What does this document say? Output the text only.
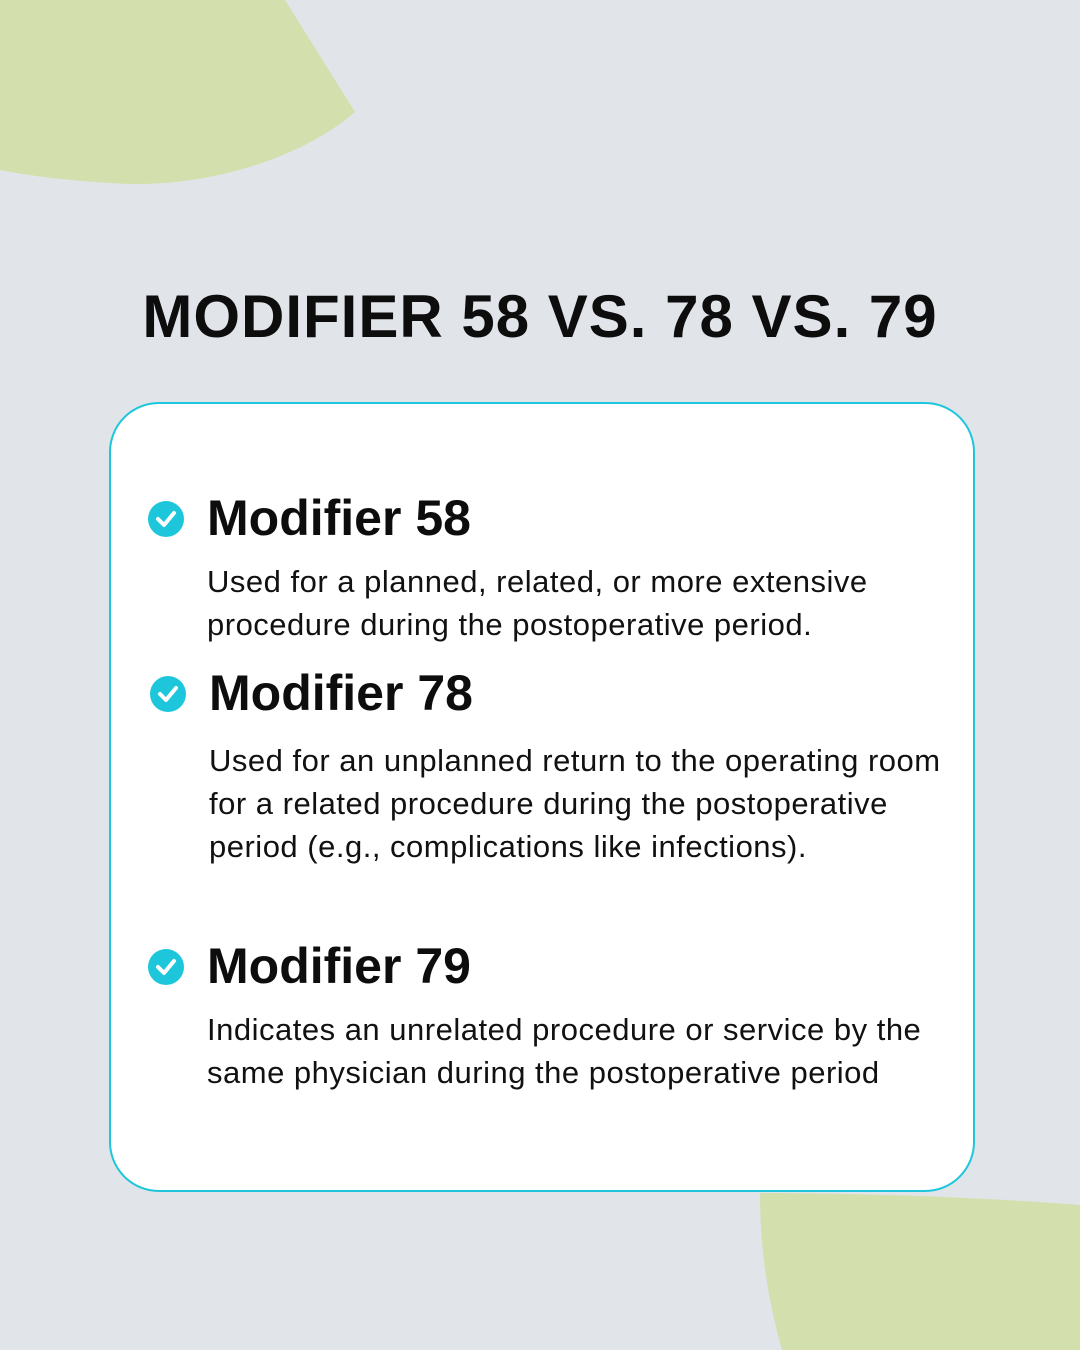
MODIFIER 58 VS. 78 VS. 79
Modifier 58
Used for a planned, related, or more extensive procedure during the postoperative period.
Modifier 78
Used for an unplanned return to the operating room for a related procedure during the postoperative period (e.g., complications like infections).
Modifier 79
Indicates an unrelated procedure or service by the same physician during the postoperative period
